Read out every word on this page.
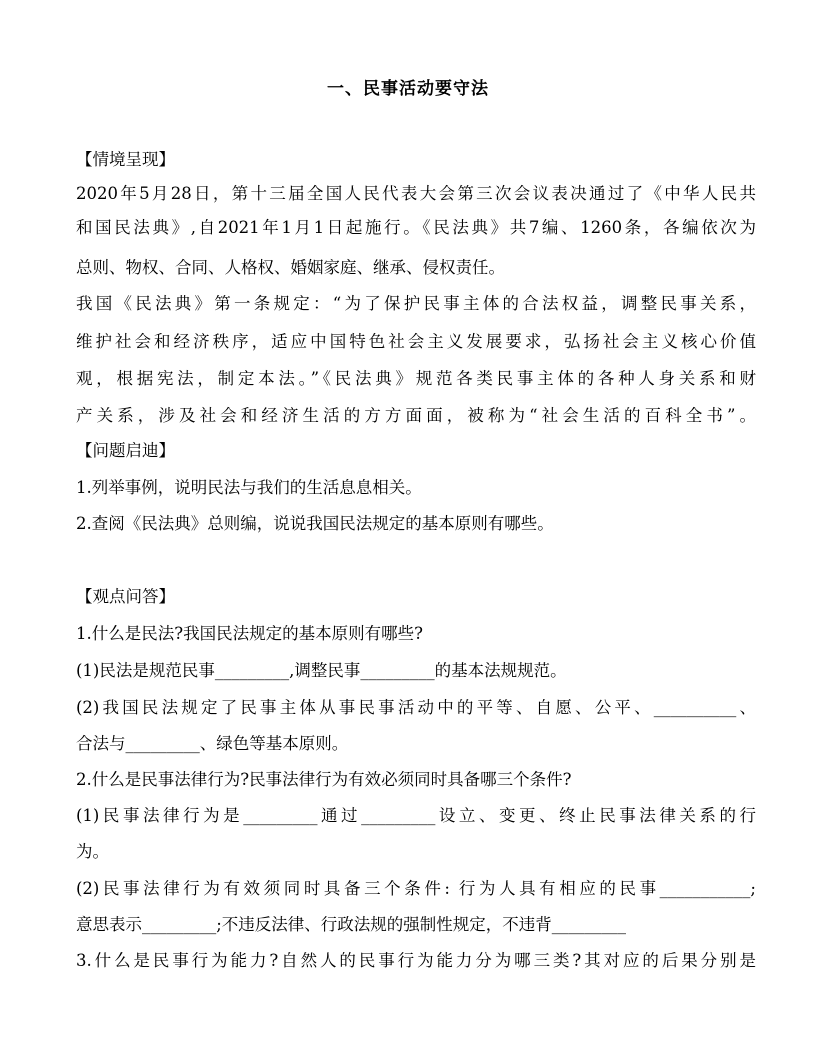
一、民事活动要守法
【情境呈现】
2020年5月28日，第十三届全国人民代表大会第三次会议表决通过了《中华人民共
和国民法典》,自2021年1月1日起施行。《民法典》共7编、1260条，各编依次为
总则、物权、合同、人格权、婚姻家庭、继承、侵权责任。
我国《民法典》第一条规定：“为了保护民事主体的合法权益，调整民事关系，
维护社会和经济秩序，适应中国特色社会主义发展要求，弘扬社会主义核心价值
观，根据宪法，制定本法。”《民法典》规范各类民事主体的各种人身关系和财
产关系，涉及社会和经济生活的方方面面，被称为“社会生活的百科全书”。
【问题启迪】
1.列举事例，说明民法与我们的生活息息相关。
2.查阅《民法典》总则编，说说我国民法规定的基本原则有哪些。
【观点问答】
1.什么是民法?我国民法规定的基本原则有哪些?
(1)民法是规范民事_________,调整民事_________的基本法规规范。
(2)我国民法规定了民事主体从事民事活动中的平等、自愿、公平、__________、
合法与_________、绿色等基本原则。
2.什么是民事法律行为?民事法律行为有效必须同时具备哪三个条件?
(1)民事法律行为是_________通过_________设立、变更、终止民事法律关系的行
为。
(2)民事法律行为有效须同时具备三个条件: 行为人具有相应的民事___________;
意思表示_________;不违反法律、行政法规的强制性规定，不违背_________
3.什么是民事行为能力?自然人的民事行为能力分为哪三类?其对应的后果分别是
